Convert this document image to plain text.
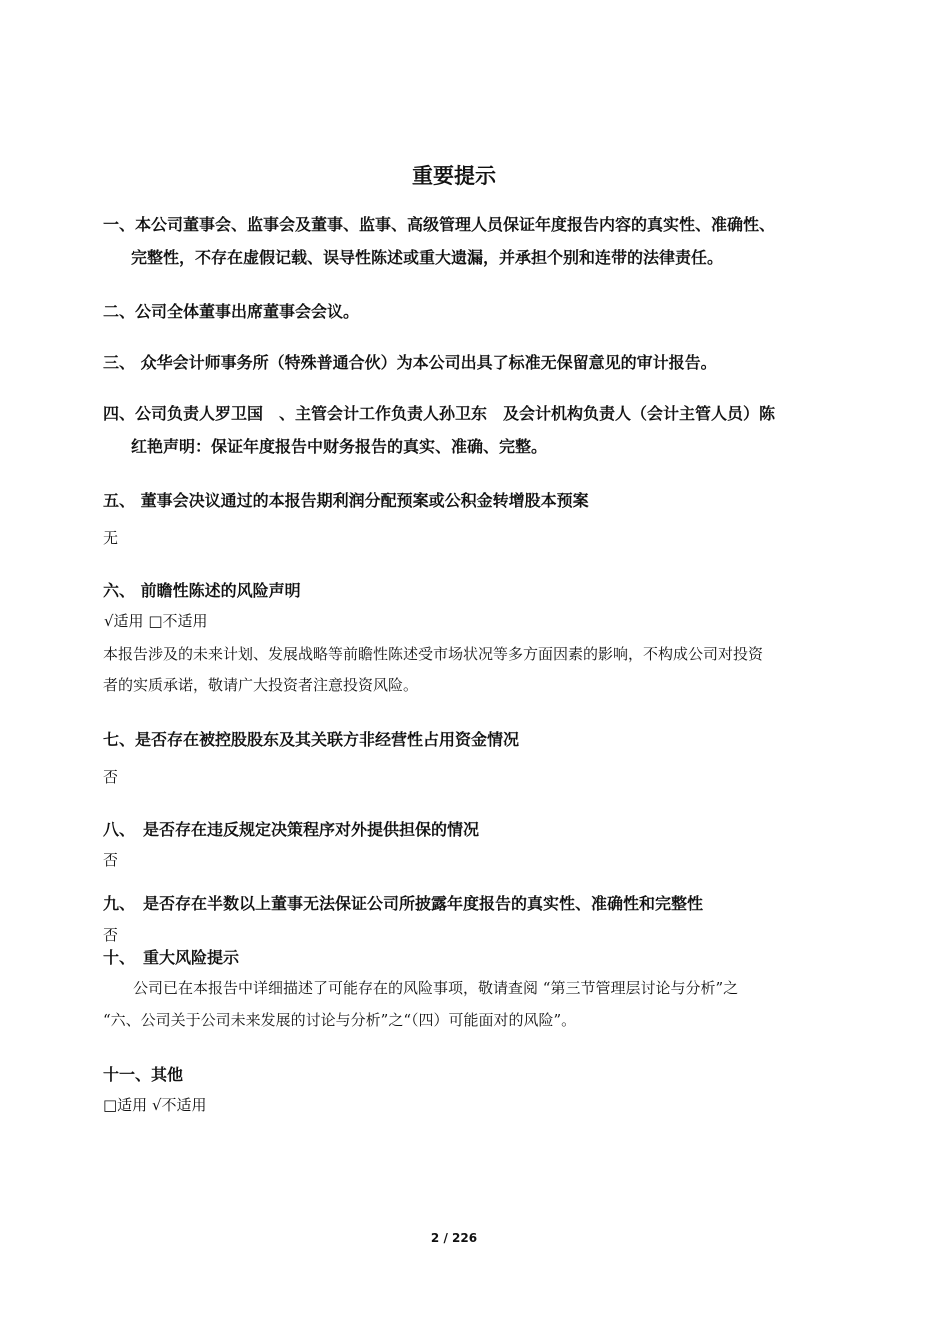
重要提示
一、本公司董事会、监事会及董事、监事、高级管理人员保证年度报告内容的真实性、准确性、
完整性，不存在虚假记载、误导性陈述或重大遗漏，并承担个别和连带的法律责任。
二、公司全体董事出席董事会会议。
三、 众华会计师事务所（特殊普通合伙）为本公司出具了标准无保留意见的审计报告。
四、公司负责人罗卫国　、主管会计工作负责人孙卫东　及会计机构负责人（会计主管人员）陈
红艳声明：保证年度报告中财务报告的真实、准确、完整。
五、 董事会决议通过的本报告期利润分配预案或公积金转增股本预案
无
六、 前瞻性陈述的风险声明
√适用 □不适用
本报告涉及的未来计划、发展战略等前瞻性陈述受市场状况等多方面因素的影响，不构成公司对投资
者的实质承诺，敬请广大投资者注意投资风险。
七、是否存在被控股股东及其关联方非经营性占用资金情况
否
八、　是否存在违反规定决策程序对外提供担保的情况
否
九、　是否存在半数以上董事无法保证公司所披露年度报告的真实性、准确性和完整性
否
十、　重大风险提示
公司已在本报告中详细描述了可能存在的风险事项，敬请查阅 “第三节管理层讨论与分析”之
“六、公司关于公司未来发展的讨论与分析”之“（四）可能面对的风险”。
十一、其他
□适用 √不适用
2 / 226
